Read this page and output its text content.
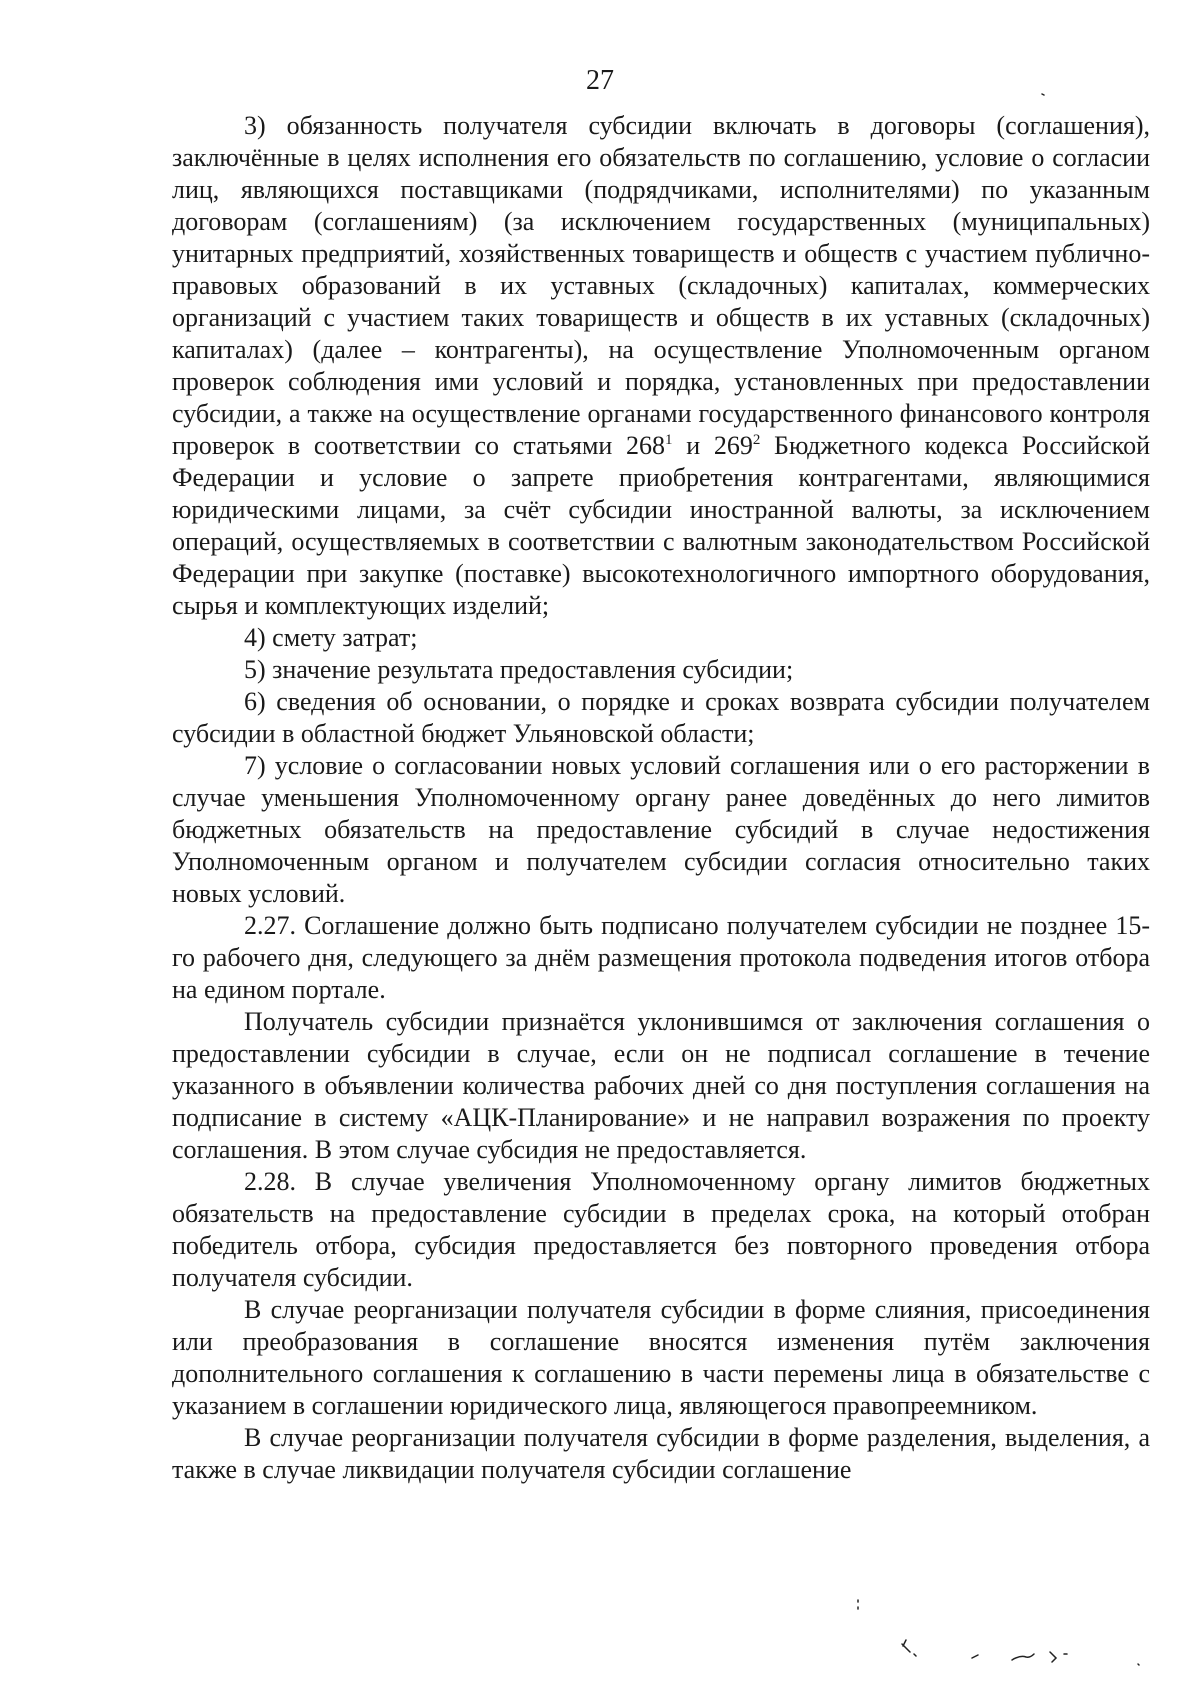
27

3) обязанность получателя субсидии включать в договоры (соглашения), заключённые в целях исполнения его обязательств по соглашению, условие о согласии лиц, являющихся поставщиками (подрядчиками, исполнителями) по указанным договорам (соглашениям) (за исключением государственных (муниципальных) унитарных предприятий, хозяйственных товариществ и обществ с участием публично-правовых образований в их уставных (складочных) капиталах, коммерческих организаций с участием таких товариществ и обществ в их уставных (складочных) капиталах) (далее – контрагенты), на осуществление Уполномоченным органом проверок соблюдения ими условий и порядка, установленных при предоставлении субсидии, а также на осуществление органами государственного финансового контроля проверок в соответствии со статьями $268^1$ и $269^2$ Бюджетного кодекса Российской Федерации и условие о запрете приобретения контрагентами, являющимися юридическими лицами, за счёт субсидии иностранной валюты, за исключением операций, осуществляемых в соответствии с валютным законодательством Российской Федерации при закупке (поставке) высокотехнологичного импортного оборудования, сырья и комплектующих изделий;

4) смету затрат;

5) значение результата предоставления субсидии;

6) сведения об основании, о порядке и сроках возврата субсидии получателем субсидии в областной бюджет Ульяновской области;

7) условие о согласовании новых условий соглашения или о его расторжении в случае уменьшения Уполномоченному органу ранее доведённых до него лимитов бюджетных обязательств на предоставление субсидий в случае недостижения Уполномоченным органом и получателем субсидии согласия относительно таких новых условий.

2.27. Соглашение должно быть подписано получателем субсидии не позднее 15-го рабочего дня, следующего за днём размещения протокола подведения итогов отбора на едином портале.

Получатель субсидии признаётся уклонившимся от заключения соглашения о предоставлении субсидии в случае, если он не подписал соглашение в течение указанного в объявлении количества рабочих дней со дня поступления соглашения на подписание в систему «АЦК-Планирование» и не направил возражения по проекту соглашения. В этом случае субсидия не предоставляется.

2.28. В случае увеличения Уполномоченному органу лимитов бюджетных обязательств на предоставление субсидии в пределах срока, на который отобран победитель отбора, субсидия предоставляется без повторного проведения отбора получателя субсидии.

В случае реорганизации получателя субсидии в форме слияния, присоединения или преобразования в соглашение вносятся изменения путём заключения дополнительного соглашения к соглашению в части перемены лица в обязательстве с указанием в соглашении юридического лица, являющегося правопреемником.

В случае реорганизации получателя субсидии в форме разделения, выделения, а также в случае ликвидации получателя субсидии соглашение
